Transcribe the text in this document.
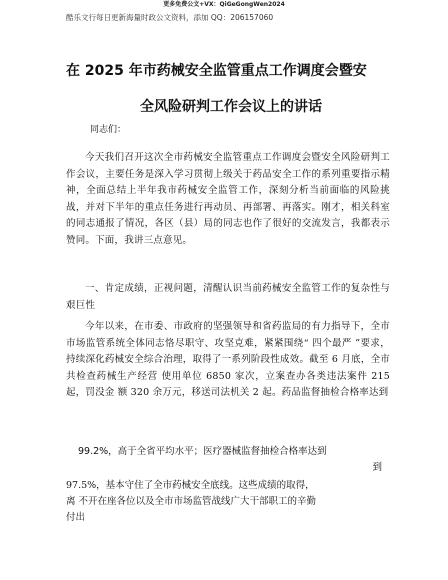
更多免费公文+VX：QiGeGongWen2024
酷乐文行每日更新海量时政公文资料，添加 QQ：206157060
在 2025 年市药械安全监管重点工作调度会暨安
全风险研判工作会议上的讲话
同志们：
今天我们召开这次全市药械安全监管重点工作调度会暨安全风险研判工作会议，主要任务是深入学习贯彻上级关于药品安全工作的系列重要指示精神，全面总结上半年我市药械安全监管工作，深刻分析当前面临的风险挑战，并对下半年的重点任务进行再动员、再部署、再落实。刚才，相关科室的同志通报了情况，各区（县）局的同志也作了很好的交流发言，我都表示赞同。下面，我讲三点意见。
一、肯定成绩，正视问题，清醒认识当前药械安全监管工作的复杂性与艰巨性
今年以来，在市委、市政府的坚强领导和省药监局的有力指导下，全市市场监管系统全体同志恪尽职守、攻坚克难，紧紧围绕“ 四个最严 ”要求，持续深化药械安全综合治理，取得了一系列阶段性成效。截至 6 月底，全市共检查药械生产经营 使用单位 6850 家次，立案查办各类违法案件 215 起，罚没金 额 320 余万元，移送司法机关 2 起。药品监督抽检合格率达到
99.2%，高于全省平均水平；医疗器械监督抽检合格率达到
到
97.5%，基本守住了全市药械安全底线。这些成绩的取得，
离 不开在座各位以及全市市场监管战线广大干部职工的辛勤
付出
